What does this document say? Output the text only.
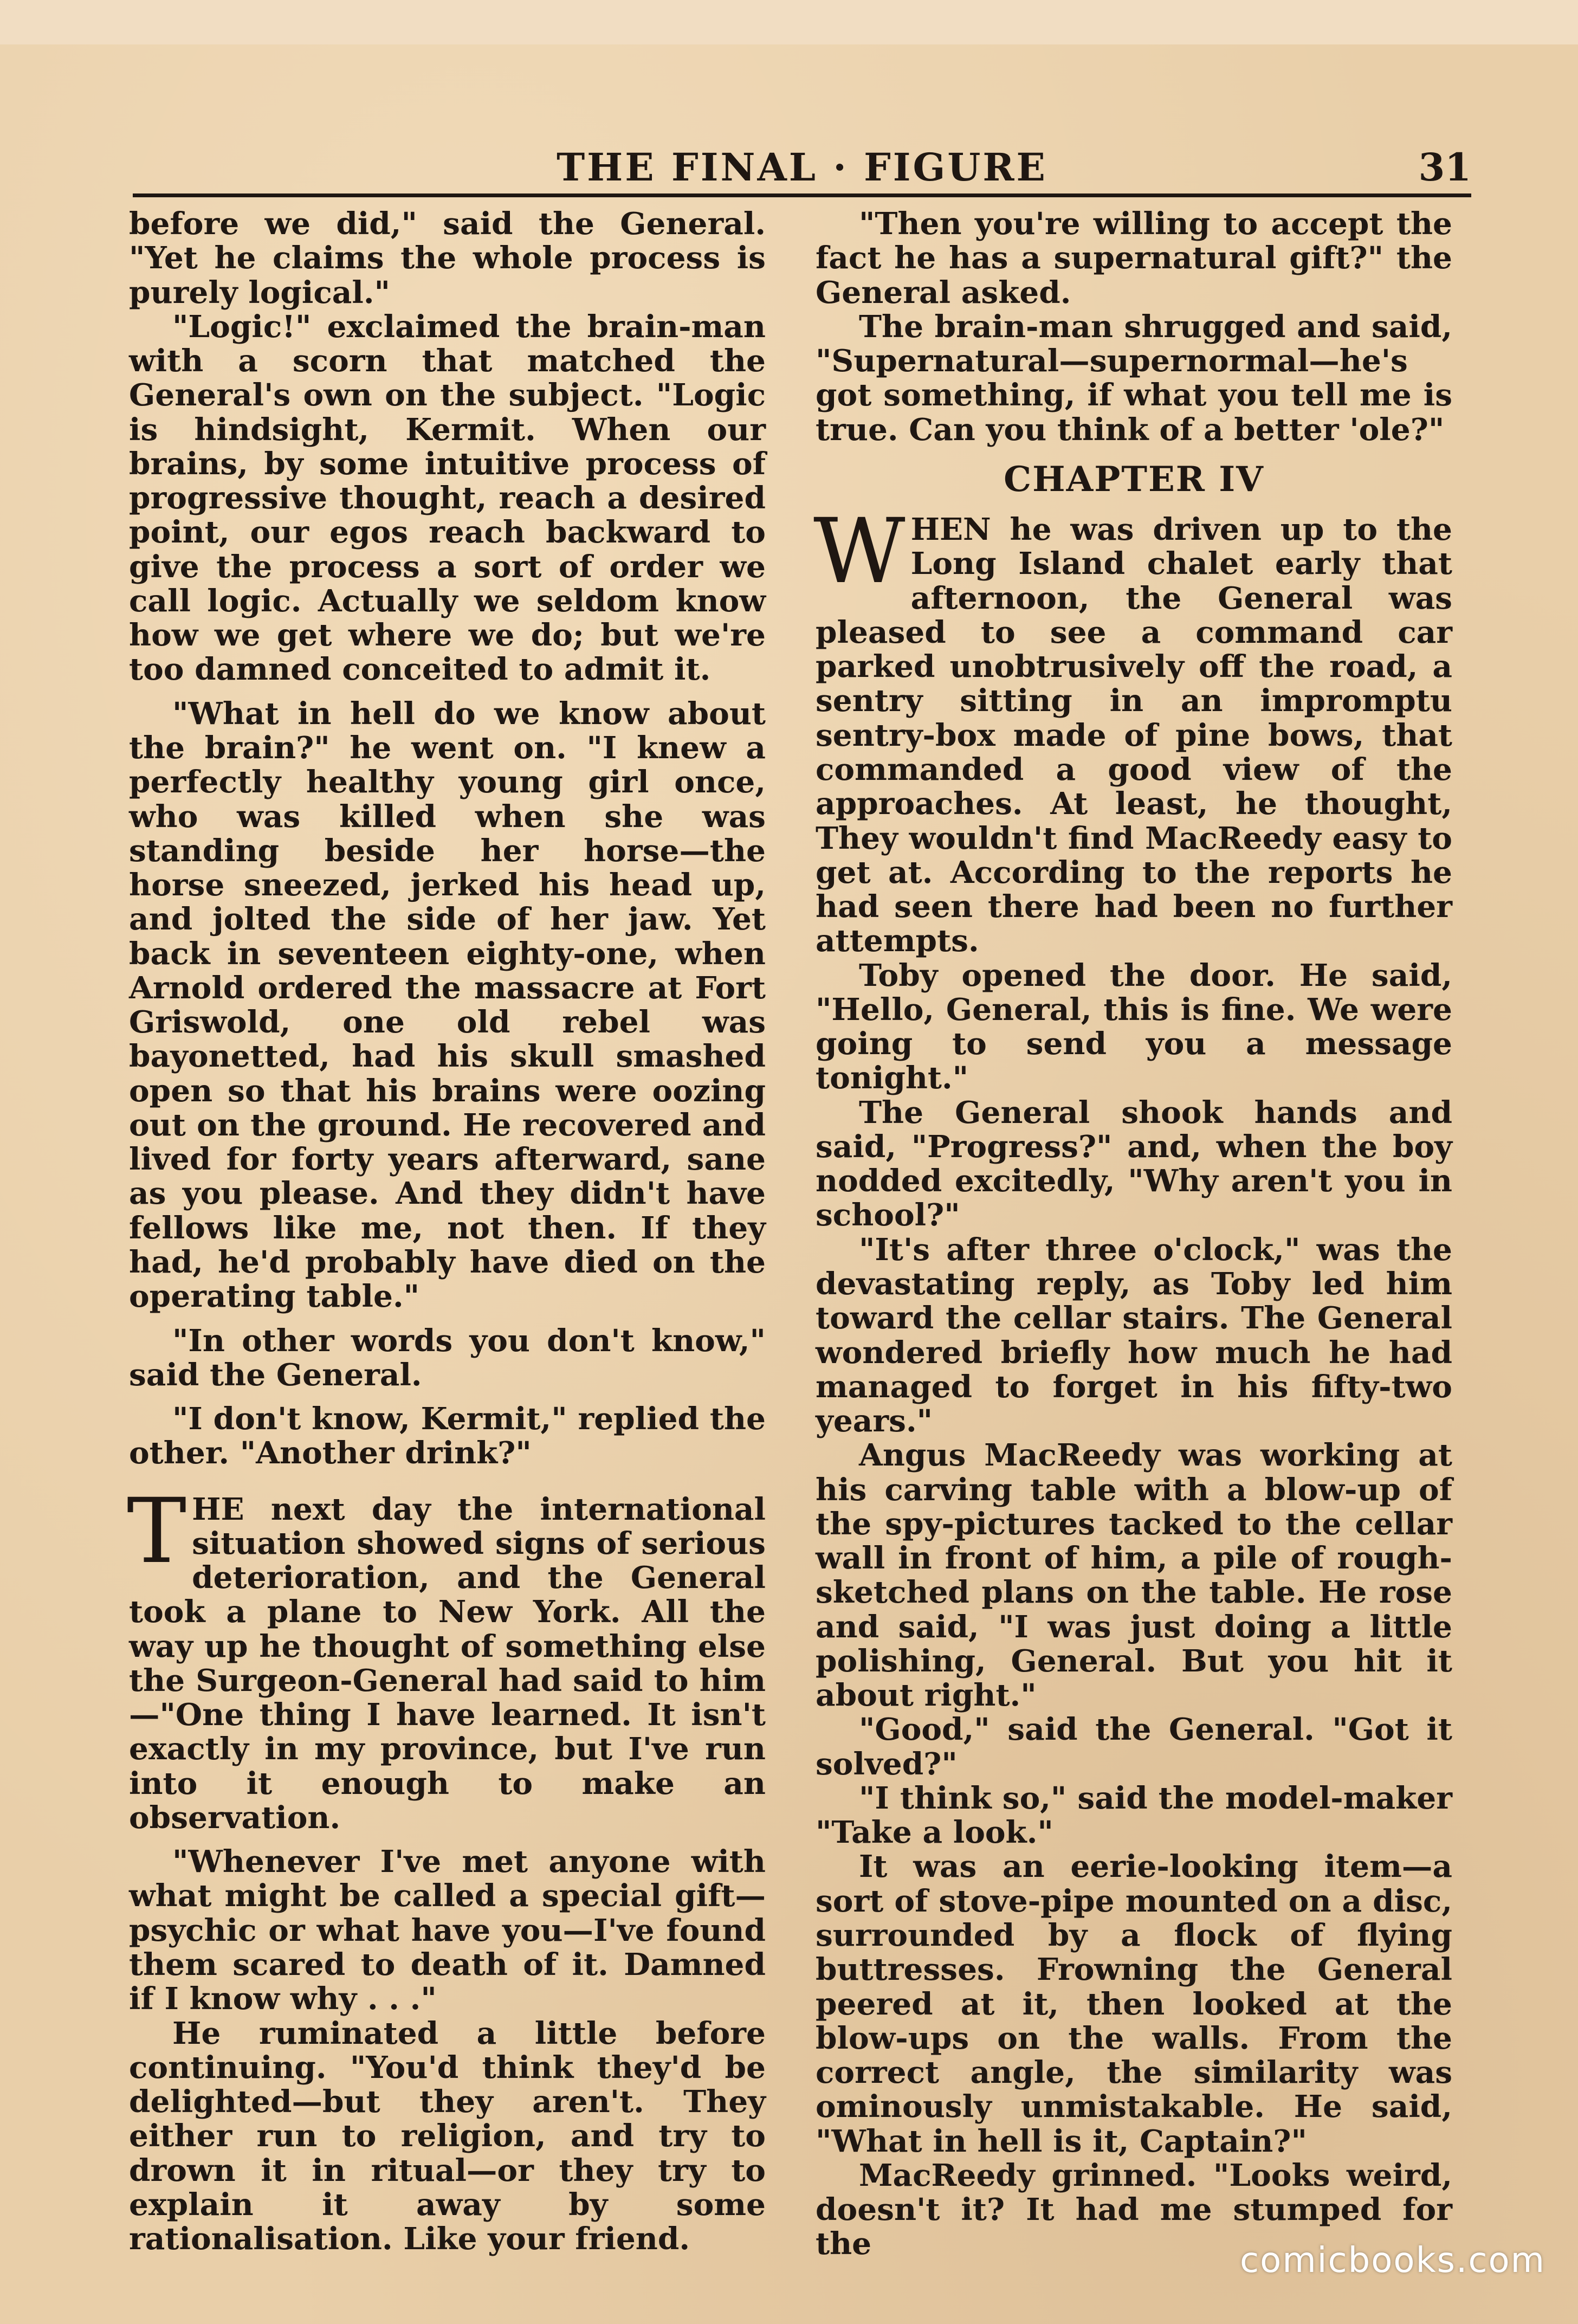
THE FINAL · FIGURE	31

before we did," said the General. "Yet he claims the whole process is purely logical."

"Logic!" exclaimed the brain-man with a scorn that matched the General's own on the subject. "Logic is hindsight, Kermit. When our brains, by some intuitive process of progressive thought, reach a desired point, our egos reach backward to give the process a sort of order we call logic. Actually we seldom know how we get where we do; but we're too damned conceited to admit it.

"What in hell do we know about the brain?" he went on. "I knew a perfectly healthy young girl once, who was killed when she was standing beside her horse—the horse sneezed, jerked his head up, and jolted the side of her jaw. Yet back in seventeen eighty-one, when Arnold ordered the massacre at Fort Griswold, one old rebel was bayonetted, had his skull smashed open so that his brains were oozing out on the ground. He recovered and lived for forty years afterward, sane as you please. And they didn't have fellows like me, not then. If they had, he'd probably have died on the operating table."

"In other words you don't know," said the General.

"I don't know, Kermit," replied the other. "Another drink?"

THE next day the international situation showed signs of serious deterioration, and the General took a plane to New York. All the way up he thought of something else the Surgeon-General had said to him—"One thing I have learned. It isn't exactly in my province, but I've run into it enough to make an observation.

"Whenever I've met anyone with what might be called a special gift—psychic or what have you—I've found them scared to death of it. Damned if I know why . . ."

He ruminated a little before continuing. "You'd think they'd be delighted—but they aren't. They either run to religion, and try to drown it in ritual—or they try to explain it away by some rationalisation. Like your friend.

"Then you're willing to accept the fact he has a supernatural gift?" the General asked.

The brain-man shrugged and said, "Supernatural—supernormal—he's got something, if what you tell me is true. Can you think of a better 'ole?"

CHAPTER IV

WHEN he was driven up to the Long Island chalet early that afternoon, the General was pleased to see a command car parked unobtrusively off the road, a sentry sitting in an impromptu sentry-box made of pine bows, that commanded a good view of the approaches. At least, he thought, They wouldn't find MacReedy easy to get at. According to the reports he had seen there had been no further attempts.

Toby opened the door. He said, "Hello, General, this is fine. We were going to send you a message tonight."

The General shook hands and said, "Progress?" and, when the boy nodded excitedly, "Why aren't you in school?"

"It's after three o'clock," was the devastating reply, as Toby led him toward the cellar stairs. The General wondered briefly how much he had managed to forget in his fifty-two years."

Angus MacReedy was working at his carving table with a blow-up of the spy-pictures tacked to the cellar wall in front of him, a pile of rough-sketched plans on the table. He rose and said, "I was just doing a little polishing, General. But you hit it about right."

"Good," said the General. "Got it solved?"

"I think so," said the model-maker "Take a look."

It was an eerie-looking item—a sort of stove-pipe mounted on a disc, surrounded by a flock of flying buttresses. Frowning the General peered at it, then looked at the blow-ups on the walls. From the correct angle, the similarity was ominously unmistakable. He said, "What in hell is it, Captain?"

MacReedy grinned. "Looks weird, doesn't it? It had me stumped for the	comicbooks.com
